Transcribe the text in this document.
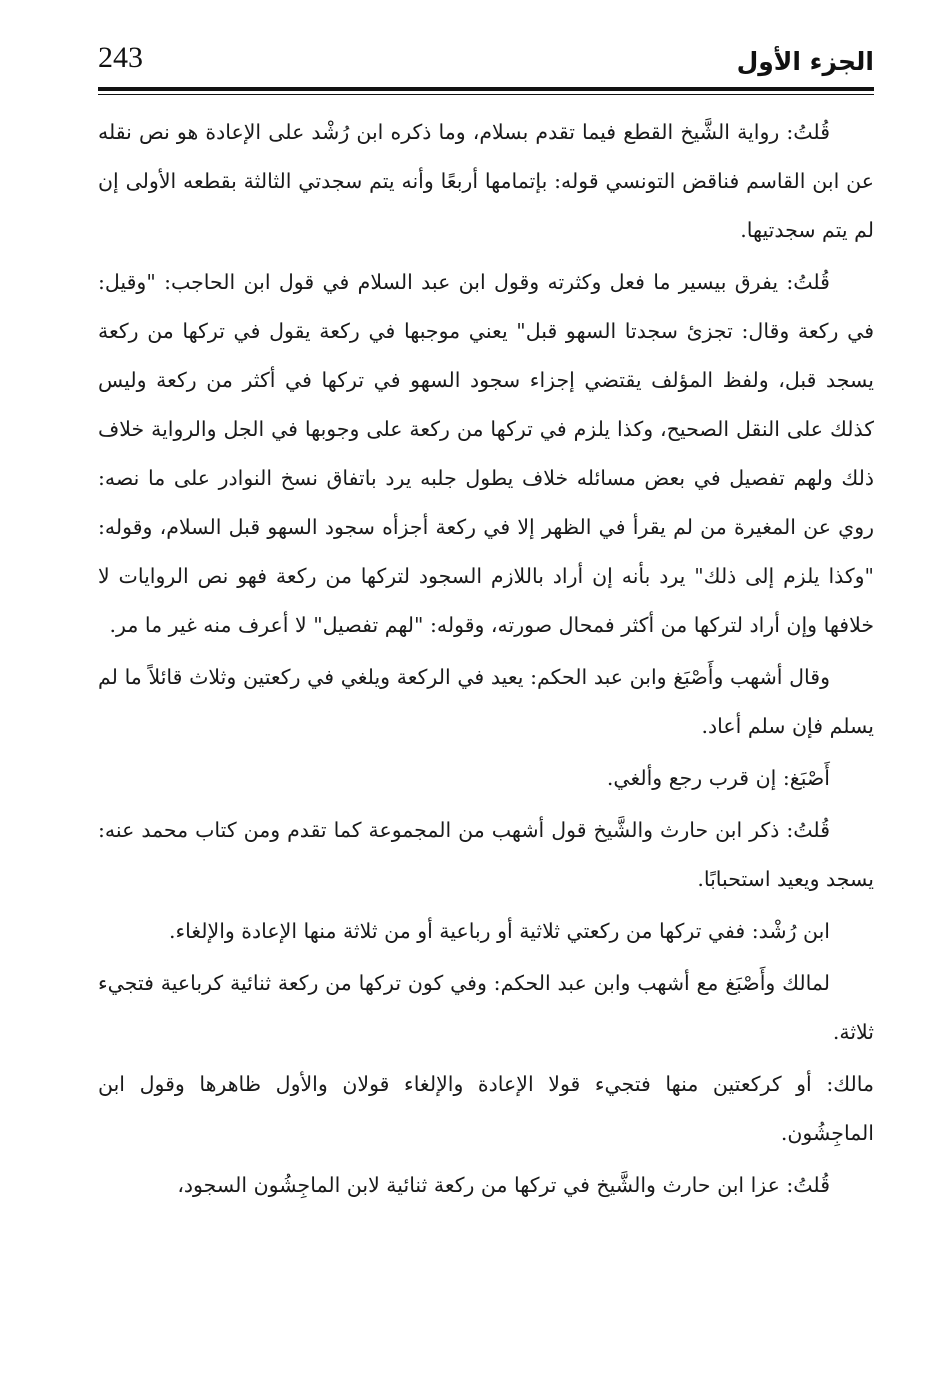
243	الجزء الأول

قُلتُ: رواية الشَّيخ القطع فيما تقدم بسلام، وما ذكره ابن رُشْد على الإعادة هو نص نقله عن ابن القاسم فناقض التونسي قوله: بإتمامها أربعًا وأنه يتم سجدتي الثالثة بقطعه الأولى إن لم يتم سجدتيها.

قُلتُ: يفرق بيسير ما فعل وكثرته وقول ابن عبد السلام في قول ابن الحاجب: "وقيل: في ركعة وقال: تجزئ سجدتا السهو قبل" يعني موجبها في ركعة يقول في تركها من ركعة يسجد قبل، ولفظ المؤلف يقتضي إجزاء سجود السهو في تركها في أكثر من ركعة وليس كذلك على النقل الصحيح، وكذا يلزم في تركها من ركعة على وجوبها في الجل والرواية خلاف ذلك ولهم تفصيل في بعض مسائله خلاف يطول جلبه يرد باتفاق نسخ النوادر على ما نصه: روي عن المغيرة من لم يقرأ في الظهر إلا في ركعة أجزأه سجود السهو قبل السلام، وقوله: "وكذا يلزم إلى ذلك" يرد بأنه إن أراد باللازم السجود لتركها من ركعة فهو نص الروايات لا خلافها وإن أراد لتركها من أكثر فمحال صورته، وقوله: "لهم تفصيل" لا أعرف منه غير ما مر.

وقال أشهب وأَصْبَغ وابن عبد الحكم: يعيد في الركعة ويلغي في ركعتين وثلاث قائلاً ما لم يسلم فإن سلم أعاد.

أَصْبَغ: إن قرب رجع وألغي.

قُلتُ: ذكر ابن حارث والشَّيخ قول أشهب من المجموعة كما تقدم ومن كتاب محمد عنه: يسجد ويعيد استحبابًا.

ابن رُشْد: ففي تركها من ركعتي ثلاثية أو رباعية أو من ثلاثة منها الإعادة والإلغاء.

لمالك وأَصْبَغ مع أشهب وابن عبد الحكم: وفي كون تركها من ركعة ثنائية كرباعية فتجيء ثلاثة.

مالك: أو كركعتين منها فتجيء قولا الإعادة والإلغاء قولان والأول ظاهرها وقول ابن الماجِشُون.

قُلتُ: عزا ابن حارث والشَّيخ في تركها من ركعة ثنائية لابن الماجِشُون السجود،
